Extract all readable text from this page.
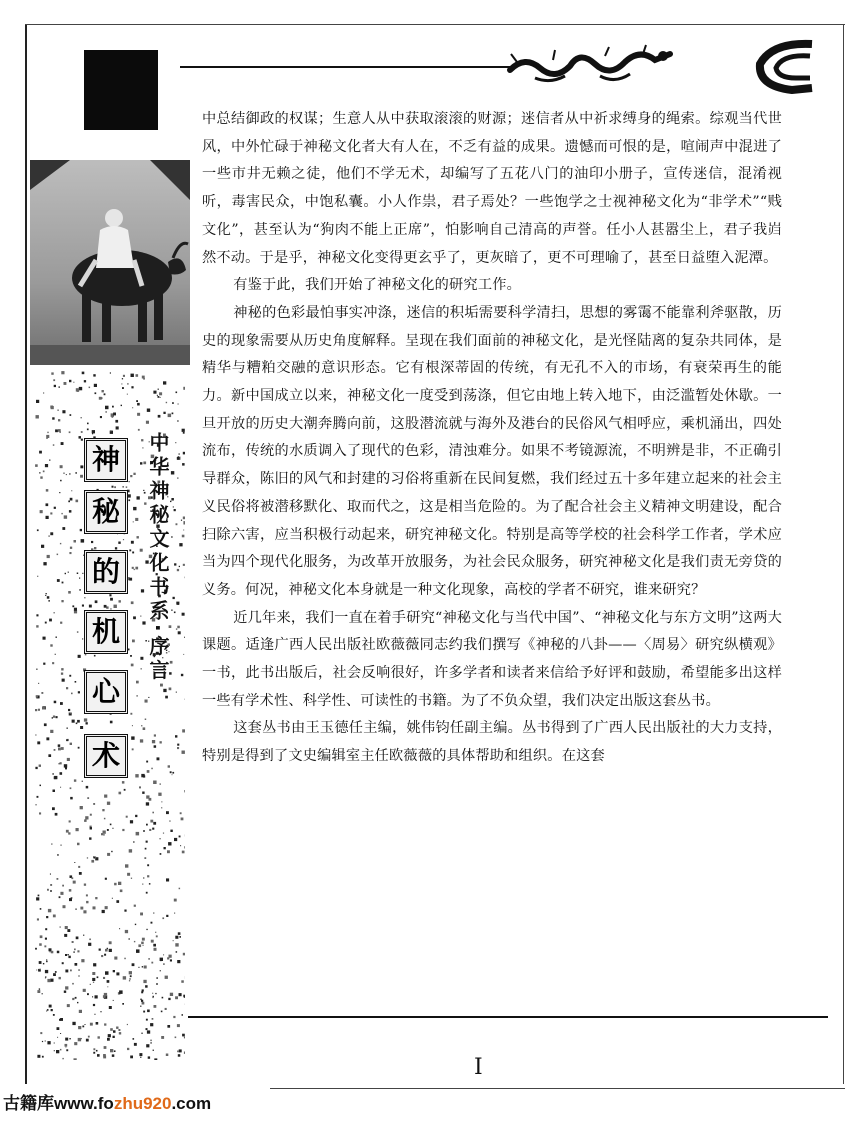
神
秘
的
机
心
术
中华神秘文化书系·序言

中总结御政的权谋；生意人从中获取滚滚的财源；迷信者从中祈求缚身的绳索。综观当代世风，中外忙碌于神秘文化者大有人在，不乏有益的成果。遗憾而可恨的是，喧闹声中混进了一些市井无赖之徒，他们不学无术，却编写了五花八门的油印小册子，宣传迷信，混淆视听，毒害民众，中饱私囊。小人作祟，君子焉处？一些饱学之士视神秘文化为“非学术”“贱文化”，甚至认为“狗肉不能上正席”，怕影响自己清高的声誉。任小人甚嚣尘上，君子我岿然不动。于是乎，神秘文化变得更玄乎了，更灰暗了，更不可理喻了，甚至日益堕入泥潭。

有鉴于此，我们开始了神秘文化的研究工作。

神秘的色彩最怕事实冲涤，迷信的积垢需要科学清扫，思想的雾霭不能靠利斧驱散，历史的现象需要从历史角度解释。呈现在我们面前的神秘文化，是光怪陆离的复杂共同体，是精华与糟粕交融的意识形态。它有根深蒂固的传统，有无孔不入的市场，有衰荣再生的能力。新中国成立以来，神秘文化一度受到荡涤，但它由地上转入地下，由泛滥暂处休歇。一旦开放的历史大潮奔腾向前，这股潜流就与海外及港台的民俗风气相呼应，乘机涌出，四处流布，传统的水质调入了现代的色彩，清浊难分。如果不考镜源流，不明辨是非，不正确引导群众，陈旧的风气和封建的习俗将重新在民间复燃，我们经过五十多年建立起来的社会主义民俗将被潜移默化、取而代之，这是相当危险的。为了配合社会主义精神文明建设，配合扫除六害，应当积极行动起来，研究神秘文化。特别是高等学校的社会科学工作者，学术应当为四个现代化服务，为改革开放服务，为社会民众服务，研究神秘文化是我们责无旁贷的义务。何况，神秘文化本身就是一种文化现象，高校的学者不研究，谁来研究？

近几年来，我们一直在着手研究“神秘文化与当代中国”、“神秘文化与东方文明”这两大课题。适逢广西人民出版社欧薇薇同志约我们撰写《神秘的八卦——〈周易〉研究纵横观》一书，此书出版后，社会反响很好，许多学者和读者来信给予好评和鼓励，希望能多出这样一些有学术性、科学性、可读性的书籍。为了不负众望，我们决定出版这套丛书。

这套丛书由王玉德任主编，姚伟钧任副主编。丛书得到了广西人民出版社的大力支持，特别是得到了文史编辑室主任欧薇薇的具体帮助和组织。在这套

I
古籍库www.fozhu920.com
